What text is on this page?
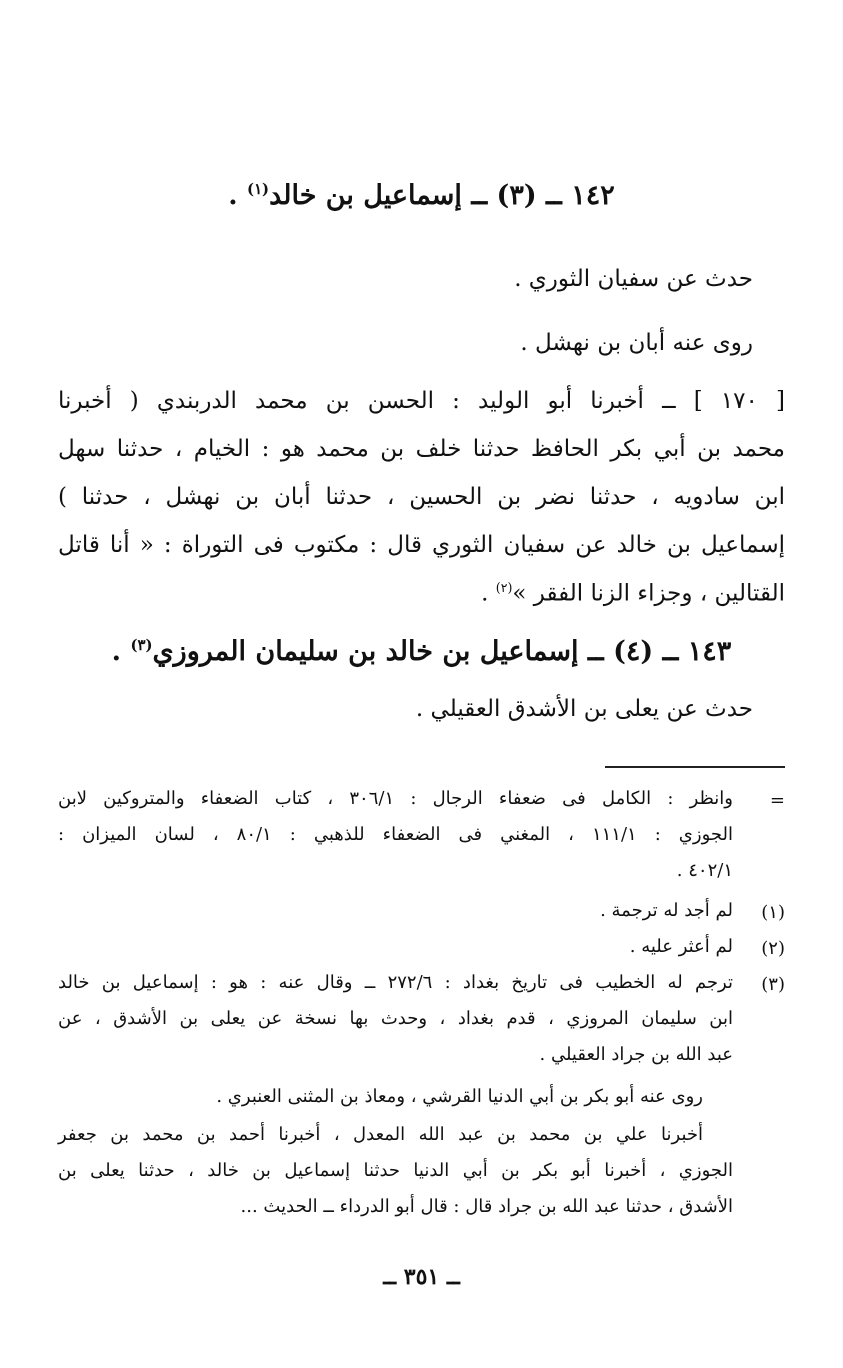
١٤٢ ــ (٣) ــ إسماعيل بن خالد$^{(١)}$ .
حدث عن سفيان الثوري .
روى عنه أبان بن نهشل .
[ ١٧٠ ] ــ أخبرنا أبو الوليد : الحسن بن محمد الدربندي ( أخبرنا
محمد بن أبي بكر الحافظ حدثنا خلف بن محمد هو : الخيام ، حدثنا سهل
ابن سادويه ، حدثنا نضر بن الحسين ، حدثنا أبان بن نهشل ، حدثنا )
إسماعيل بن خالد عن سفيان الثوري قال : مكتوب فى التوراة : « أنا قاتل
القتالين ، وجزاء الزنا الفقر »$^{(٢)}$ .
١٤٣ ــ (٤) ــ إسماعيل بن خالد بن سليمان المروزي$^{(٣)}$ .
حدث عن يعلى بن الأشدق العقيلي .
=
وانظر : الكامل فى ضعفاء الرجال : ٣٠٦/١ ، كتاب الضعفاء والمتروكين لابن
الجوزي : ١١١/١ ، المغني فى الضعفاء للذهبي : ٨٠/١ ، لسان الميزان :
٤٠٢/١ .
(١)
لم أجد له ترجمة .
(٢)
لم أعثر عليه .
(٣)
ترجم له الخطيب فى تاريخ بغداد : ٢٧٢/٦ ــ وقال عنه : هو : إسماعيل بن خالد
ابن سليمان المروزي ، قدم بغداد ، وحدث بها نسخة عن يعلى بن الأشدق ، عن
عبد الله بن جراد العقيلي .
روى عنه أبو بكر بن أبي الدنيا القرشي ، ومعاذ بن المثنى العنبري .
أخبرنا علي بن محمد بن عبد الله المعدل ، أخبرنا أحمد بن محمد بن جعفر
الجوزي ، أخبرنا أبو بكر بن أبي الدنيا حدثنا إسماعيل بن خالد ، حدثنا يعلى بن
الأشدق ، حدثنا عبد الله بن جراد قال : قال أبو الدرداء ــ الحديث ...
ــ ٣٥١ ــ
